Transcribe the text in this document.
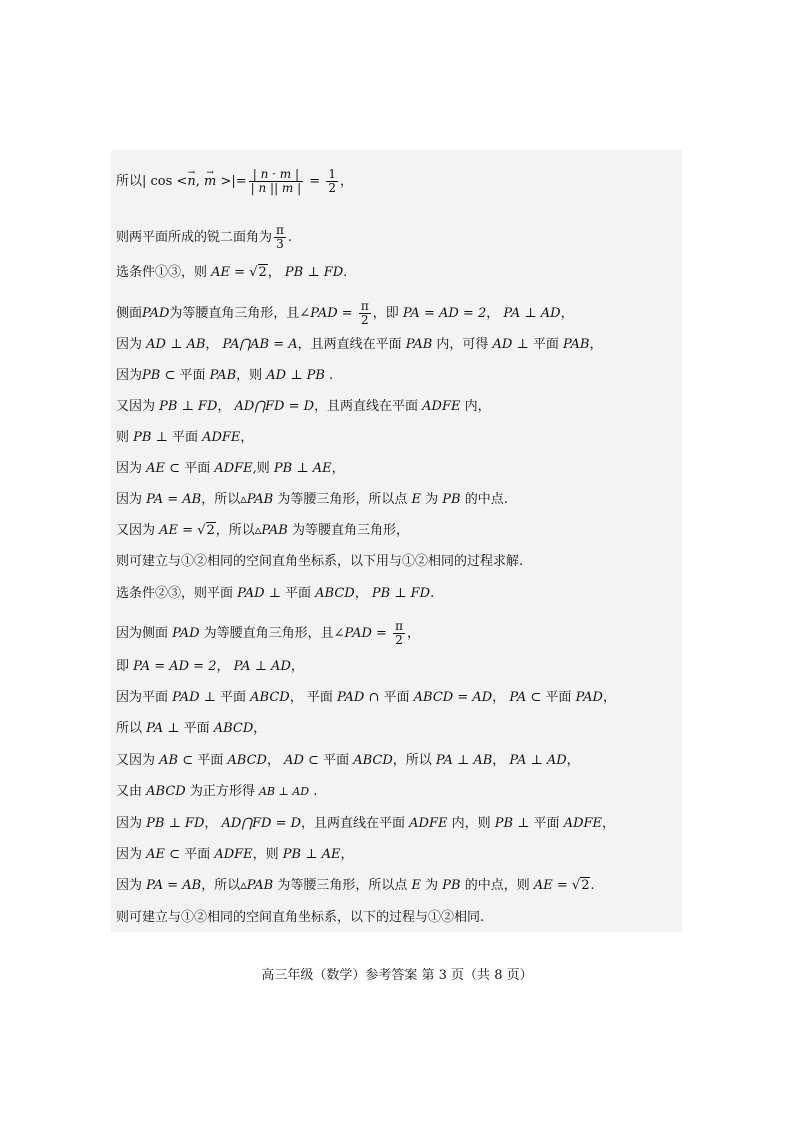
所以| cos <→ n, → m >|= $\frac{| n \cdot m |}{| n || m |} = \frac{1}{2}$ ，
则两平面所成的锐二面角为 $\frac{\pi}{3}$ .
选条件①③，则 AE = √2， PB ⊥ FD.
侧面PAD为等腰直角三角形，且∠PAD = $\frac{\pi}{2}$ ，即 PA = AD = 2， PA ⊥ AD，
因为 AD ⊥ AB， PA⋂AB = A，且两直线在平面 PAB 内，可得 AD ⊥ 平面 PAB，
因为PB ⊂ 平面 PAB，则 AD ⊥ PB .
又因为 PB ⊥ FD， AD⋂FD = D，且两直线在平面 ADFE 内，
则 PB ⊥ 平面 ADFE，
因为 AE ⊂ 平面 ADFE,则 PB ⊥ AE，
因为 PA = AB，所以▵PAB 为等腰三角形，所以点 E 为 PB 的中点.
又因为 AE = √2，所以▵PAB 为等腰直角三角形，
则可建立与①②相同的空间直角坐标系，以下用与①②相同的过程求解.
选条件②③，则平面 PAD ⊥ 平面 ABCD， PB ⊥ FD.
因为侧面 PAD 为等腰直角三角形，且∠PAD = $\frac{\pi}{2}$ ，
即 PA = AD = 2， PA ⊥ AD，
因为平面 PAD ⊥ 平面 ABCD， 平面 PAD ∩ 平面 ABCD = AD， PA ⊂ 平面 PAD，
所以 PA ⊥ 平面 ABCD，
又因为 AB ⊂ 平面 ABCD， AD ⊂ 平面 ABCD，所以 PA ⊥ AB， PA ⊥ AD，
又由 ABCD 为正方形得 AB ⊥ AD .
因为 PB ⊥ FD， AD⋂FD = D，且两直线在平面 ADFE 内，则 PB ⊥ 平面 ADFE，
因为 AE ⊂ 平面 ADFE，则 PB ⊥ AE，
因为 PA = AB，所以▵PAB 为等腰三角形，所以点 E 为 PB 的中点，则 AE = √2.
则可建立与①②相同的空间直角坐标系，以下的过程与①②相同.
高三年级（数学）参考答案 第 3 页（共 8 页）
